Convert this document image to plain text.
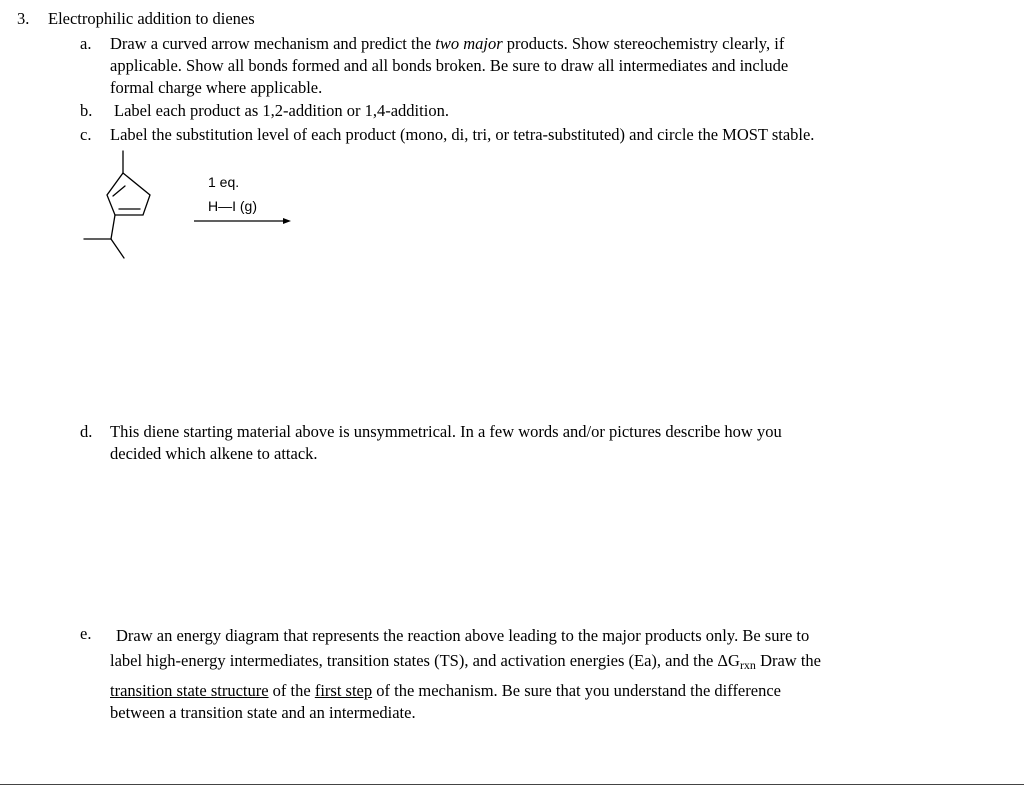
3. Electrophilic addition to dienes
a. Draw a curved arrow mechanism and predict the two major products. Show stereochemistry clearly, if
applicable. Show all bonds formed and all bonds broken. Be sure to draw all intermediates and include
formal charge where applicable.
b. Label each product as 1,2-addition or 1,4-addition.
c. Label the substitution level of each product (mono, di, tri, or tetra-substituted) and circle the MOST stable.
1 eq.
H—I (g)
d. This diene starting material above is unsymmetrical. In a few words and/or pictures describe how you
decided which alkene to attack.
e.	Draw an energy diagram that represents the reaction above leading to the major products only. Be sure to
label high-energy intermediates, transition states (TS), and activation energies (Ea), and the $\Delta G_{rxn}$ Draw the
transition state structure of the first step of the mechanism. Be sure that you understand the difference
between a transition state and an intermediate.
